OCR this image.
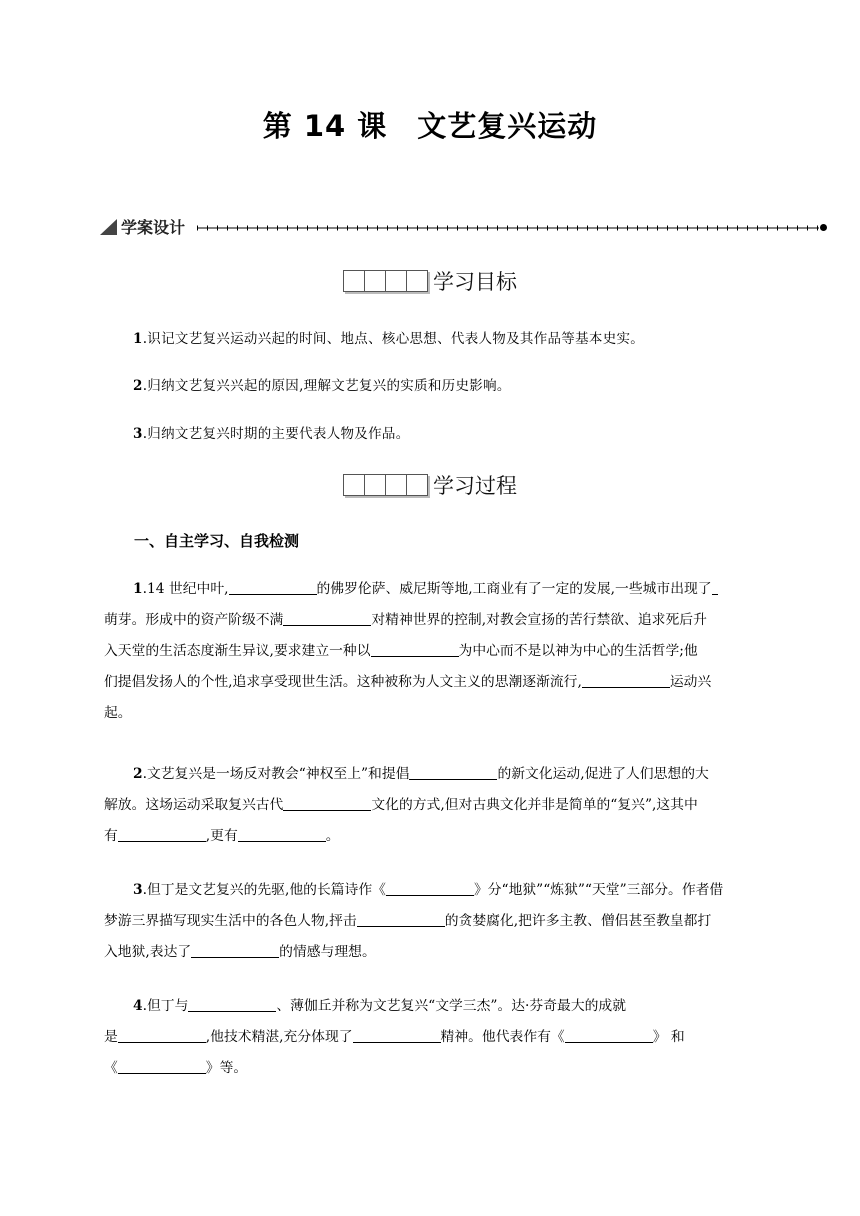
第 14 课　文艺复兴运动
学案设计
学习目标
1.识记文艺复兴运动兴起的时间、地点、核心思想、代表人物及其作品等基本史实。
2.归纳文艺复兴兴起的原因,理解文艺复兴的实质和历史影响。
3.归纳文艺复兴时期的主要代表人物及作品。
学习过程
一、自主学习、自我检测
1.14 世纪中叶,	的佛罗伦萨、威尼斯等地,工商业有了一定的发展,一些城市出现了
萌芽。形成中的资产阶级不满	对精神世界的控制,对教会宣扬的苦行禁欲、追求死后升
入天堂的生活态度渐生异议,要求建立一种以	为中心而不是以神为中心的生活哲学;他
们提倡发扬人的个性,追求享受现世生活。这种被称为人文主义的思潮逐渐流行,	运动兴
起。
2.文艺复兴是一场反对教会“神权至上”和提倡	的新文化运动,促进了人们思想的大
解放。这场运动采取复兴古代	文化的方式,但对古典文化并非是简单的“复兴”,这其中
有	,更有	。
3.但丁是文艺复兴的先驱,他的长篇诗作《	》分“地狱”“炼狱”“天堂”三部分。作者借
梦游三界描写现实生活中的各色人物,抨击	的贪婪腐化,把许多主教、僧侣甚至教皇都打
入地狱,表达了	的情感与理想。
4.但丁与	、薄伽丘并称为文艺复兴“文学三杰”。达·芬奇最大的成就
是	,他技术精湛,充分体现了	精神。他代表作有《	》 和
《	》等。
